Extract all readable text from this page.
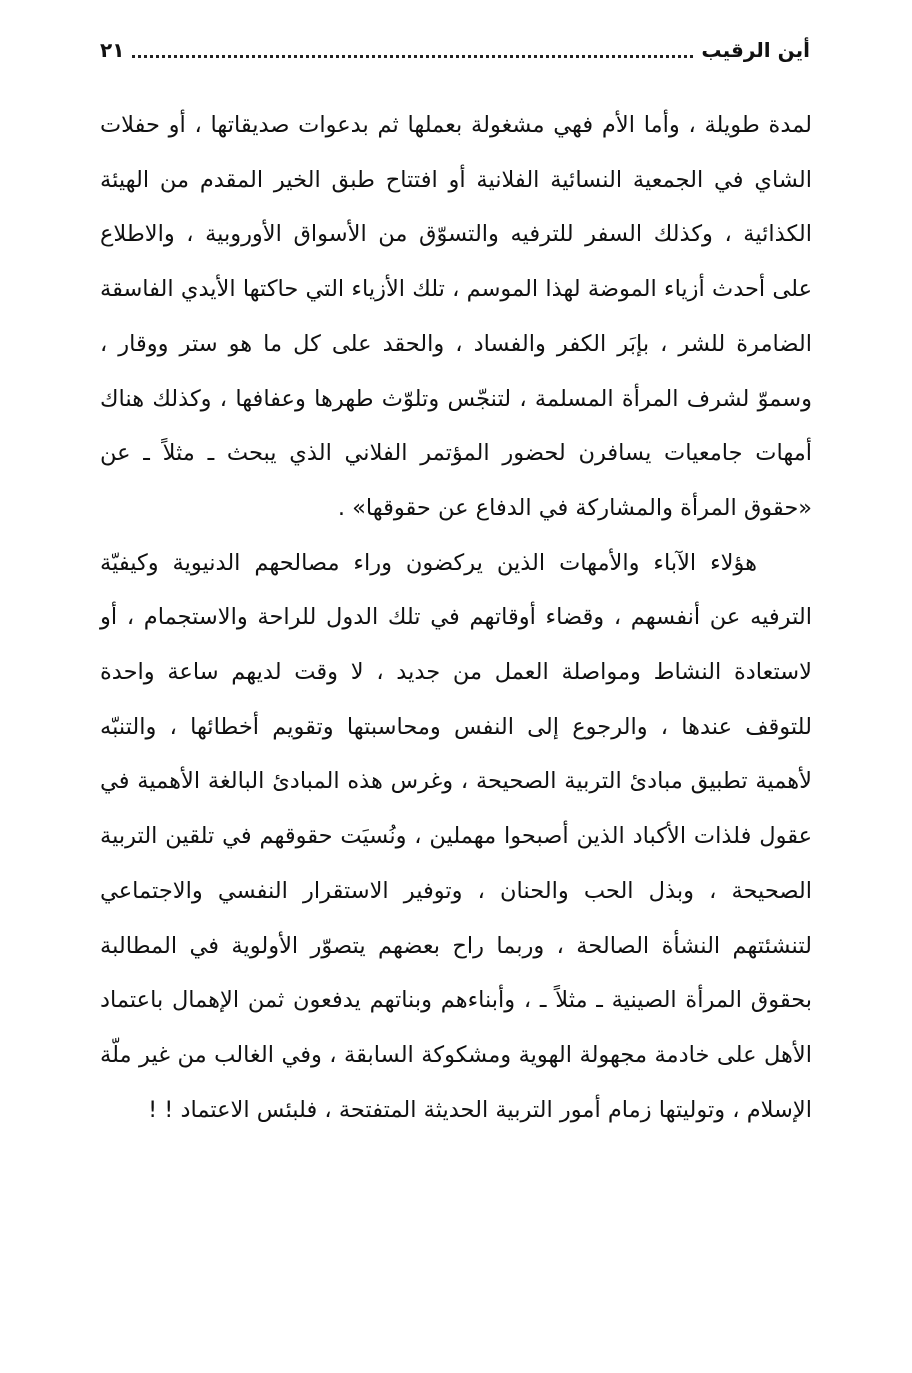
أين الرقيب
٢١

لمدة طويلة ، وأما الأم فهي مشغولة بعملها ثم بدعوات صديقاتها ، أو حفلات الشاي في الجمعية النسائية الفلانية أو افتتاح طبق الخير المقدم من الهيئة الكذائية ، وكذلك السفر للترفيه والتسوّق من الأسواق الأوروبية ، والاطلاع على أحدث أزياء الموضة لهذا الموسم ، تلك الأزياء التي حاكتها الأيدي الفاسقة الضامرة للشر ، بإبَر الكفر والفساد ، والحقد على كل ما هو ستر ووقار ، وسموّ لشرف المرأة المسلمة ، لتنجّس وتلوّث طهرها وعفافها ، وكذلك هناك أمهات جامعيات يسافرن لحضور المؤتمر الفلاني الذي يبحث ـ مثلاً ـ عن «حقوق المرأة والمشاركة في الدفاع عن حقوقها» .

هؤلاء الآباء والأمهات الذين يركضون وراء مصالحهم الدنيوية وكيفيّة الترفيه عن أنفسهم ، وقضاء أوقاتهم في تلك الدول للراحة والاستجمام ، أو لاستعادة النشاط ومواصلة العمل من جديد ، لا وقت لديهم ساعة واحدة للتوقف عندها ، والرجوع إلى النفس ومحاسبتها وتقويم أخطائها ، والتنبّه لأهمية تطبيق مبادئ التربية الصحيحة ، وغرس هذه المبادئ البالغة الأهمية في عقول فلذات الأكباد الذين أصبحوا مهملين ، ونُسيَت حقوقهم في تلقين التربية الصحيحة ، وبذل الحب والحنان ، وتوفير الاستقرار النفسي والاجتماعي لتنشئتهم النشأة الصالحة ، وربما راح بعضهم يتصوّر الأولوية في المطالبة بحقوق المرأة الصينية ـ مثلاً ـ ، وأبناءهم وبناتهم يدفعون ثمن الإهمال باعتماد الأهل على خادمة مجهولة الهوية ومشكوكة السابقة ، وفي الغالب من غير ملّة الإسلام ، وتوليتها زمام أمور التربية الحديثة المتفتحة ، فلبئس الاعتماد ! !
